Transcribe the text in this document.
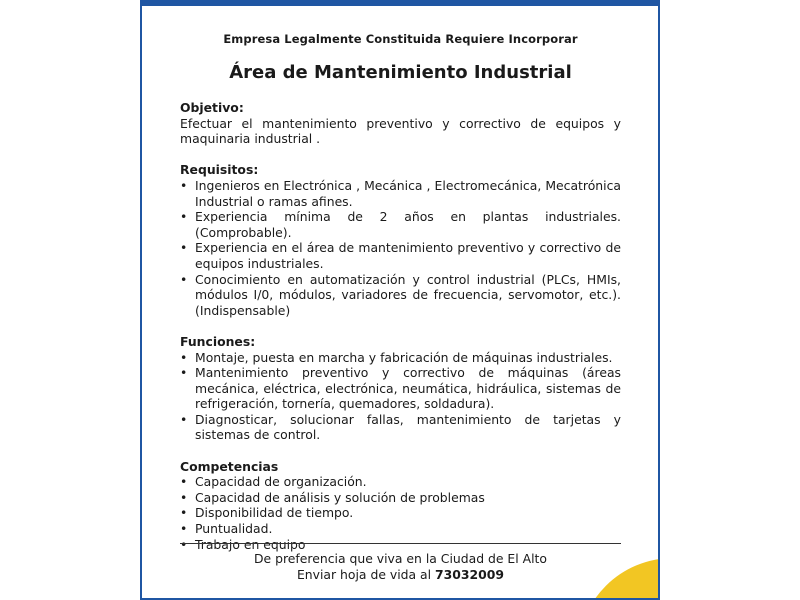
Empresa Legalmente Constituida Requiere Incorporar
Área de Mantenimiento Industrial

Objetivo:

Efectuar el mantenimiento preventivo y correctivo de equipos y maquinaria industrial .

Requisitos:

• Ingenieros en Electrónica , Mecánica , Electromecánica, Mecatrónica Industrial o ramas afines.
• Experiencia mínima de 2 años en plantas industriales. (Comprobable).
• Experiencia en el área de mantenimiento preventivo y correctivo de equipos industriales.
• Conocimiento en automatización y control industrial (PLCs, HMIs, módulos I/0, módulos, variadores de frecuencia, servomotor, etc.). (Indispensable)

Funciones:

• Montaje, puesta en marcha y fabricación de máquinas industriales.
• Mantenimiento preventivo y correctivo de máquinas (áreas mecánica, eléctrica, electrónica, neumática, hidráulica, sistemas de refrigeración, tornería, quemadores, soldadura).
• Diagnosticar, solucionar fallas, mantenimiento de tarjetas y sistemas de control.

Competencias

• Capacidad de organización.
• Capacidad de análisis y solución de problemas
• Disponibilidad de tiempo.
• Puntualidad.
• Trabajo en equipo
De preferencia que viva en la Ciudad de El Alto
Enviar hoja de vida al 73032009
